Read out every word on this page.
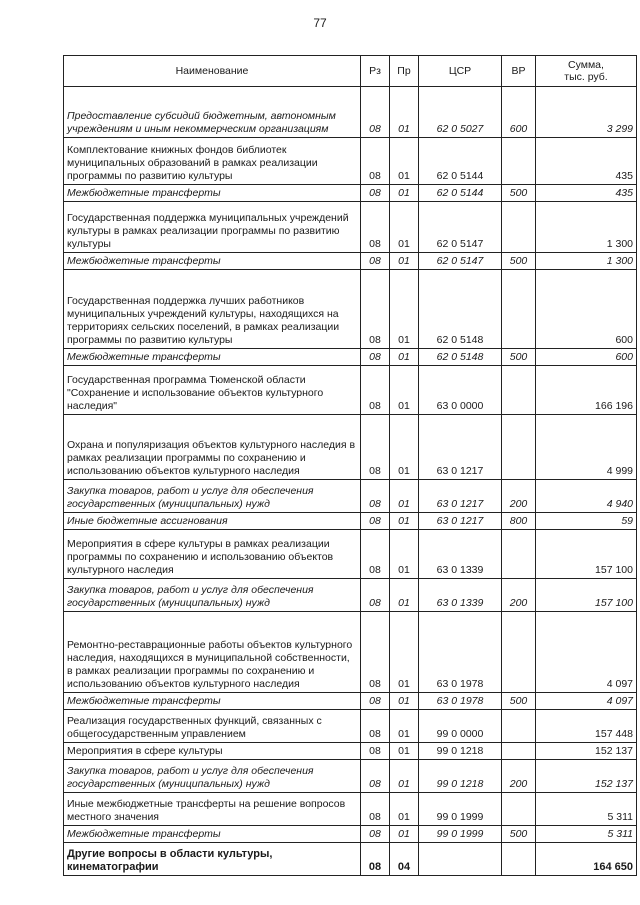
77
Наименование	Рз	Пр	ЦСР	ВР	Сумма,
тыс. руб.
Предоставление субсидий бюджетным, автономным учреждениям и иным некоммерческим организациям	08	01	62 0 5027	600	3 299
Комплектование книжных фондов библиотек муниципальных образований в рамках реализации программы по развитию культуры	08	01	62 0 5144		435
Межбюджетные трансферты	08	01	62 0 5144	500	435
Государственная поддержка муниципальных учреждений культуры в рамках реализации программы по развитию культуры	08	01	62 0 5147		1 300
Межбюджетные трансферты	08	01	62 0 5147	500	1 300
Государственная поддержка лучших работников муниципальных учреждений культуры, находящихся на территориях сельских поселений, в рамках реализации программы по развитию культуры	08	01	62 0 5148		600
Межбюджетные трансферты	08	01	62 0 5148	500	600
Государственная программа Тюменской области "Сохранение и использование объектов культурного наследия"	08	01	63 0 0000		166 196
Охрана и популяризация объектов культурного наследия в рамках реализации программы по сохранению и использованию объектов культурного наследия	08	01	63 0 1217		4 999
Закупка товаров, работ и услуг для обеспечения государственных (муниципальных) нужд	08	01	63 0 1217	200	4 940
Иные бюджетные ассигнования	08	01	63 0 1217	800	59
Мероприятия в сфере культуры в рамках реализации программы по сохранению и использованию объектов культурного наследия	08	01	63 0 1339		157 100
Закупка товаров, работ и услуг для обеспечения государственных (муниципальных) нужд	08	01	63 0 1339	200	157 100
Ремонтно-реставрационные работы объектов культурного наследия, находящихся в муниципальной собственности, в рамках реализации программы по сохранению и использованию объектов культурного наследия	08	01	63 0 1978		4 097
Межбюджетные трансферты	08	01	63 0 1978	500	4 097
Реализация государственных функций, связанных с общегосударственным управлением	08	01	99 0 0000		157 448
Мероприятия в сфере культуры	08	01	99 0 1218		152 137
Закупка товаров, работ и услуг для обеспечения государственных (муниципальных) нужд	08	01	99 0 1218	200	152 137
Иные межбюджетные трансферты на решение вопросов местного значения	08	01	99 0 1999		5 311
Межбюджетные трансферты	08	01	99 0 1999	500	5 311
Другие вопросы в области культуры, кинематографии	08	04			164 650
